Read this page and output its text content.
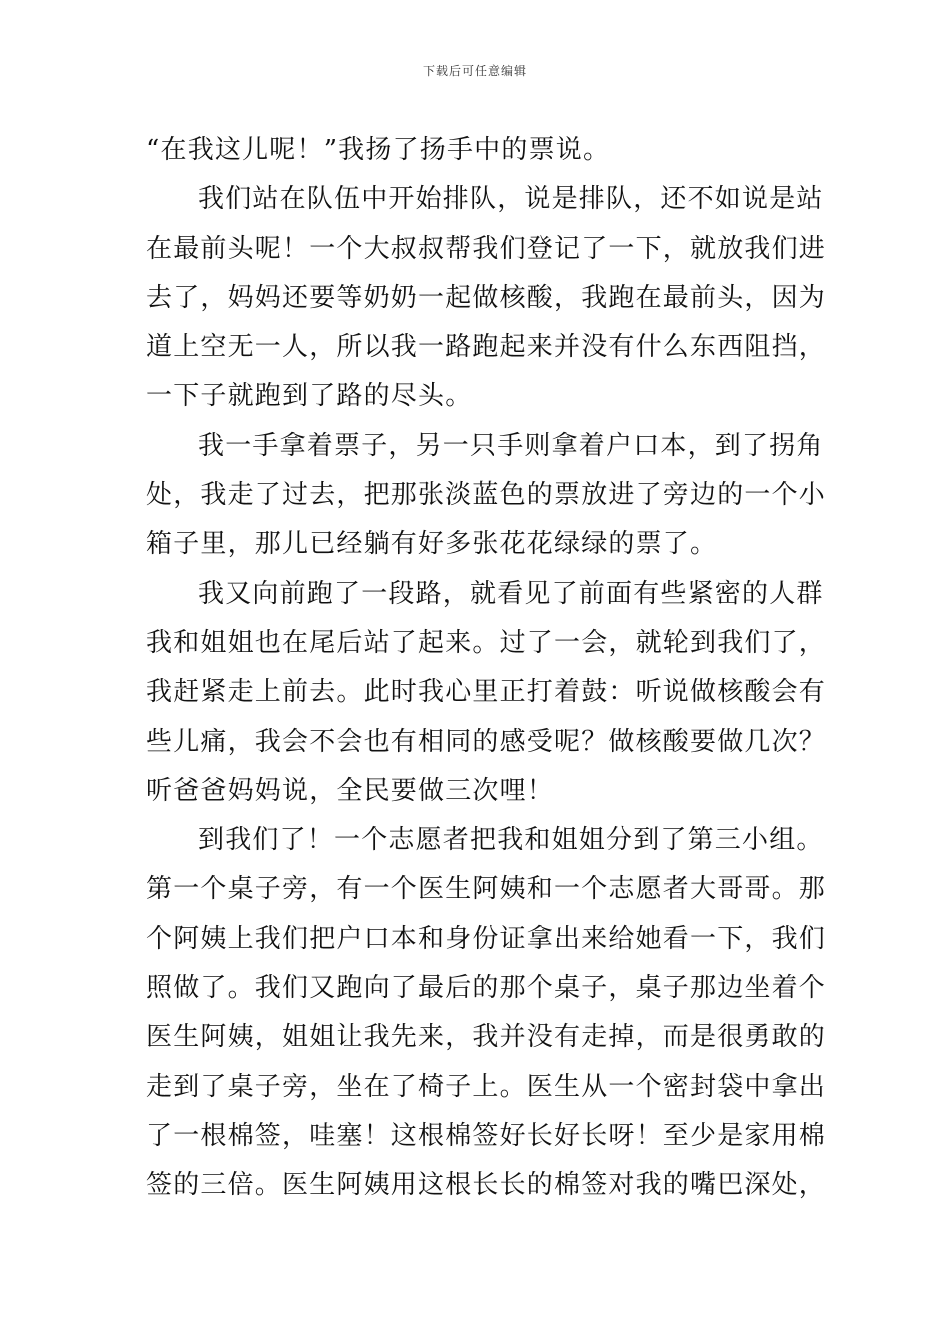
下载后可任意编辑
“在我这儿呢！”我扬了扬手中的票说。
我们站在队伍中开始排队，说是排队，还不如说是站
在最前头呢！一个大叔叔帮我们登记了一下，就放我们进
去了，妈妈还要等奶奶一起做核酸，我跑在最前头，因为
道上空无一人，所以我一路跑起来并没有什么东西阻挡，
一下子就跑到了路的尽头。
我一手拿着票子，另一只手则拿着户口本，到了拐角
处，我走了过去，把那张淡蓝色的票放进了旁边的一个小
箱子里，那儿已经躺有好多张花花绿绿的票了。
我又向前跑了一段路，就看见了前面有些紧密的人群
我和姐姐也在尾后站了起来。过了一会，就轮到我们了，
我赶紧走上前去。此时我心里正打着鼓：听说做核酸会有
些儿痛，我会不会也有相同的感受呢？做核酸要做几次？
听爸爸妈妈说，全民要做三次哩！
到我们了！一个志愿者把我和姐姐分到了第三小组。
第一个桌子旁，有一个医生阿姨和一个志愿者大哥哥。那
个阿姨上我们把户口本和身份证拿出来给她看一下，我们
照做了。我们又跑向了最后的那个桌子，桌子那边坐着个
医生阿姨，姐姐让我先来，我并没有走掉，而是很勇敢的
走到了桌子旁，坐在了椅子上。医生从一个密封袋中拿出
了一根棉签，哇塞！这根棉签好长好长呀！至少是家用棉
签的三倍。医生阿姨用这根长长的棉签对我的嘴巴深处，
